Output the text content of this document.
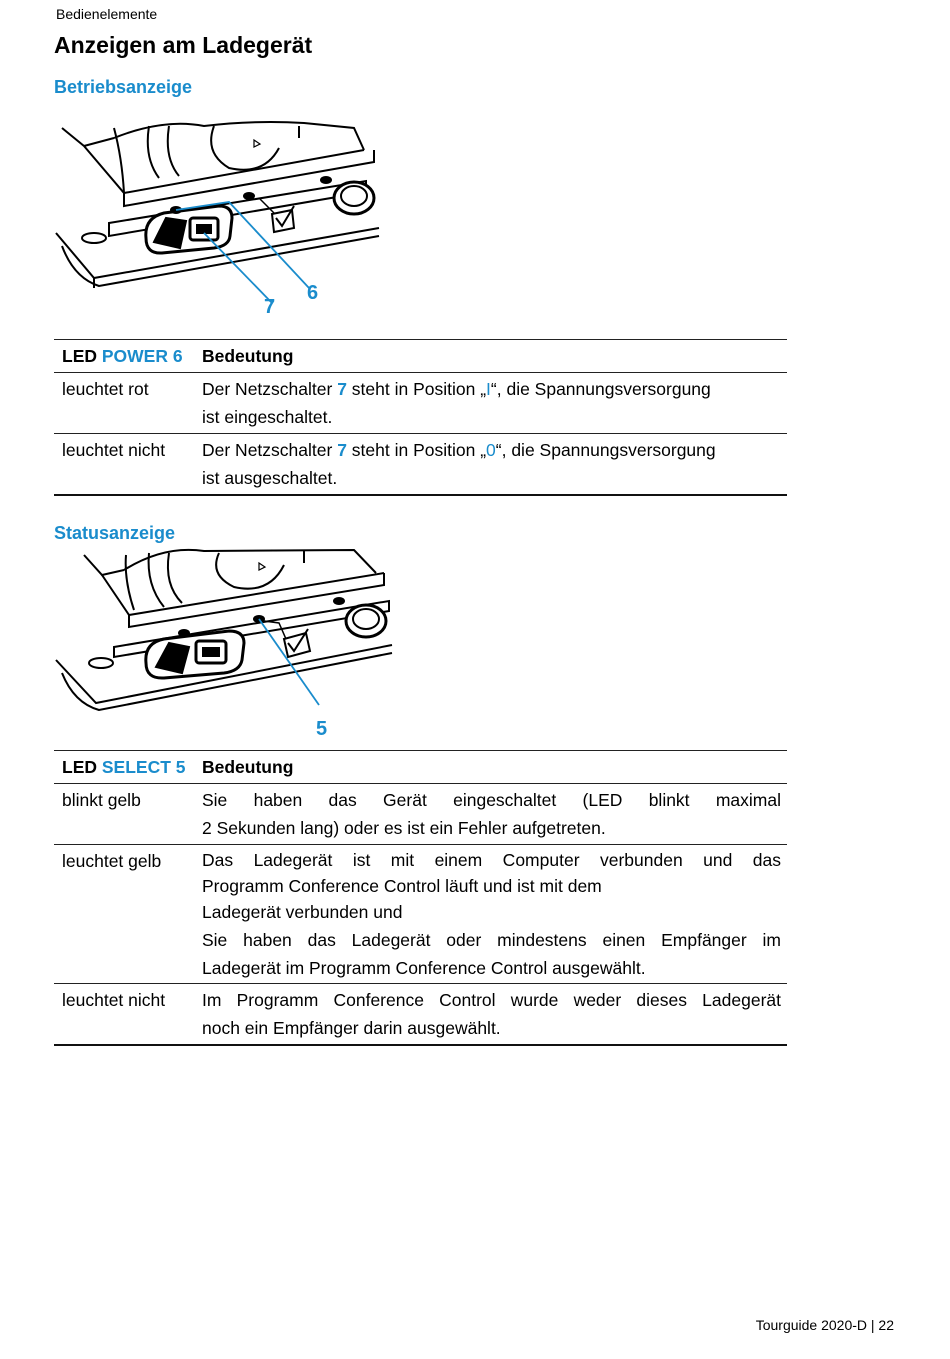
Bedienelemente
Anzeigen am Ladegerät
Betriebsanzeige
7
6
LED POWER 6	Bedeutung
leuchtet rot	Der Netzschalter 7 steht in Position „I“, die Spannungsversorgung
ist eingeschaltet.
leuchtet nicht	Der Netzschalter 7 steht in Position „0“, die Spannungsversorgung
ist ausgeschaltet.
Statusanzeige
5
LED SELECT 5	Bedeutung
blinkt gelb	Sie haben das Gerät eingeschaltet (LED blinkt maximal
2 Sekunden lang) oder es ist ein Fehler aufgetreten.

leuchtet gelb	Das Ladegerät ist mit einem Computer verbunden und das
Programm Conference Control läuft und ist mit dem
Ladegerät verbunden und
Sie haben das Ladegerät oder mindestens einen Empfänger im
Ladegerät im Programm Conference Control ausgewählt.

leuchtet nicht	Im Programm Conference Control wurde weder dieses Ladegerät
noch ein Empfänger darin ausgewählt.
Tourguide 2020-D | 22
